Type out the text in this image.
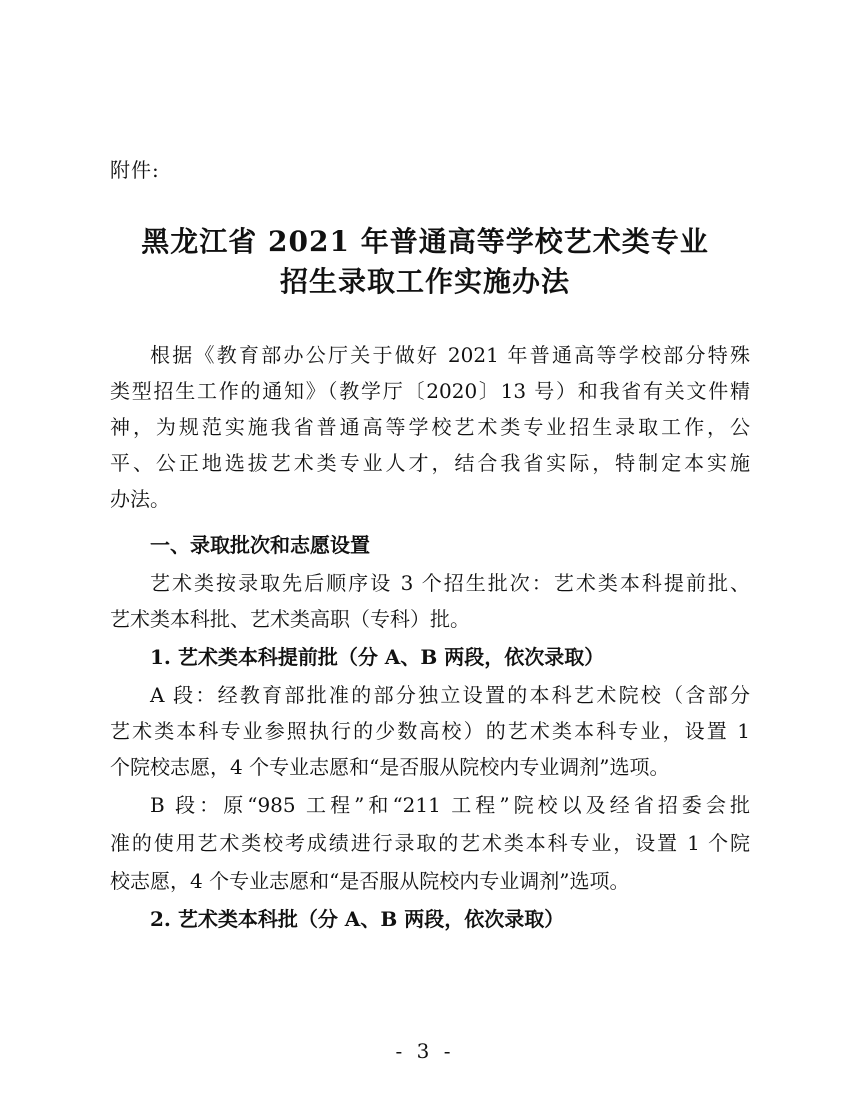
附件:
黑龙江省 2021 年普通高等学校艺术类专业
招生录取工作实施办法
根据《教育部办公厅关于做好 2021 年普通高等学校部分特殊
类型招生工作的通知》（教学厅〔2020〕13 号）和我省有关文件精
神，为规范实施我省普通高等学校艺术类专业招生录取工作，公
平、公正地选拔艺术类专业人才，结合我省实际，特制定本实施
办法。
一、录取批次和志愿设置
艺术类按录取先后顺序设 3 个招生批次：艺术类本科提前批、
艺术类本科批、艺术类高职（专科）批。
1. 艺术类本科提前批（分 A、B 两段，依次录取）
A 段：经教育部批准的部分独立设置的本科艺术院校（含部分
艺术类本科专业参照执行的少数高校）的艺术类本科专业，设置 1
个院校志愿，4 个专业志愿和“是否服从院校内专业调剂”选项。
B 段：原“985 工程”和“211 工程”院校以及经省招委会批
准的使用艺术类校考成绩进行录取的艺术类本科专业，设置 1 个院
校志愿，4 个专业志愿和“是否服从院校内专业调剂”选项。
2. 艺术类本科批（分 A、B 两段，依次录取）
- 3 -
